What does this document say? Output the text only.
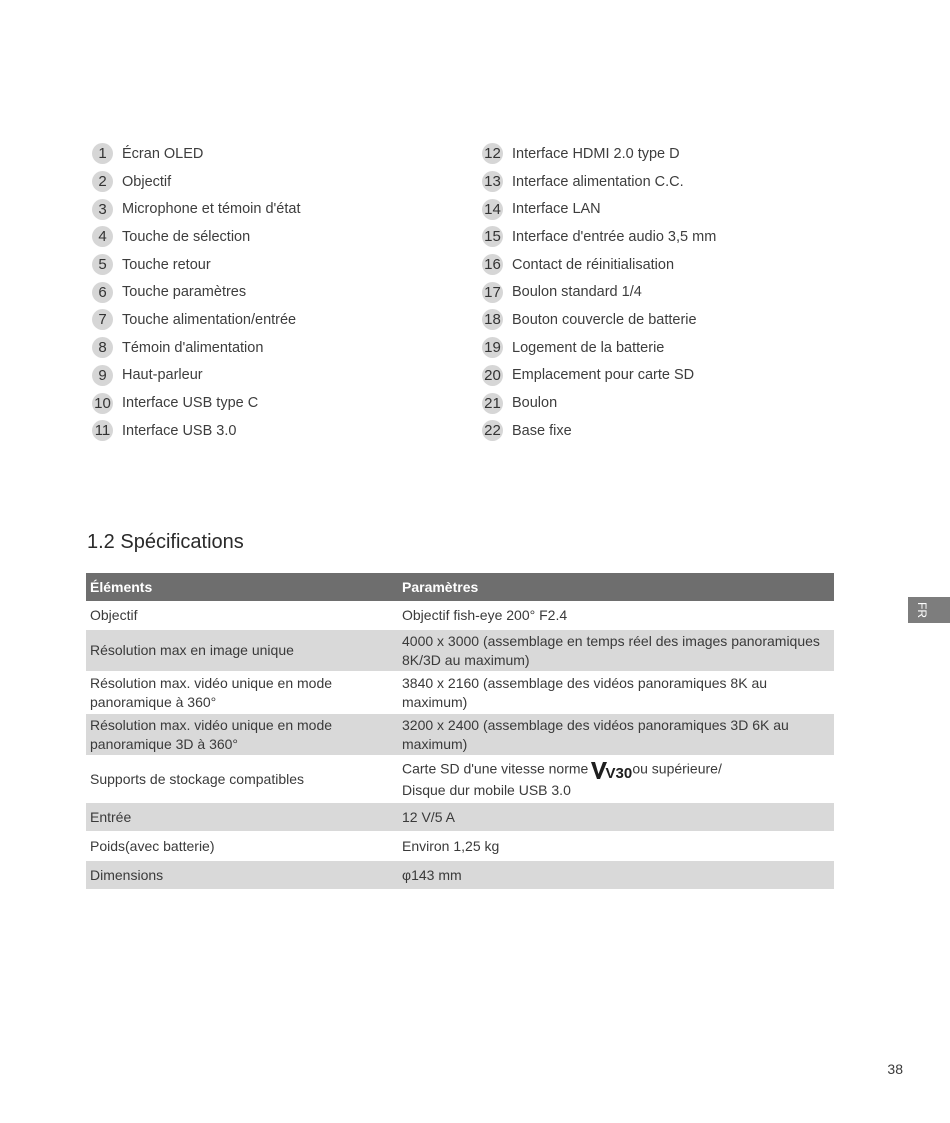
1	Écran OLED
2	Objectif
3	Microphone et témoin d'état
4	Touche de sélection
5	Touche retour
6	Touche paramètres
7	Touche alimentation/entrée
8	Témoin d'alimentation
9	Haut-parleur
10 Interface USB type C
11 Interface USB 3.0
12 Interface HDMI 2.0 type D
13 Interface alimentation C.C.
14 Interface LAN
15 Interface d'entrée audio 3,5 mm
16 Contact de réinitialisation
17 Boulon standard 1/4
18 Bouton couvercle de batterie
19 Logement de la batterie
20 Emplacement pour carte SD
21 Boulon
22 Base fixe
1.2 Spécifications
Éléments	Paramètres
Objectif	Objectif fish-eye 200° F2.4
Résolution max en image unique	4000 x 3000 (assemblage en temps réel des images panoramiques 8K/3D au maximum)
Résolution max. vidéo unique en mode panoramique à 360°	3840 x 2160 (assemblage des vidéos panoramiques 8K au maximum)
Résolution max. vidéo unique en mode panoramique 3D à 360°	3200 x 2400 (assemblage des vidéos panoramiques 3D 6K au maximum)
Supports de stockage compatibles	Carte SD d'une vitesse norme V30 ou supérieure/
Disque dur mobile USB 3.0
Entrée	12 V/5 A
Poids(avec batterie)	Environ 1,25 kg
Dimensions	φ143 mm
FR
38
